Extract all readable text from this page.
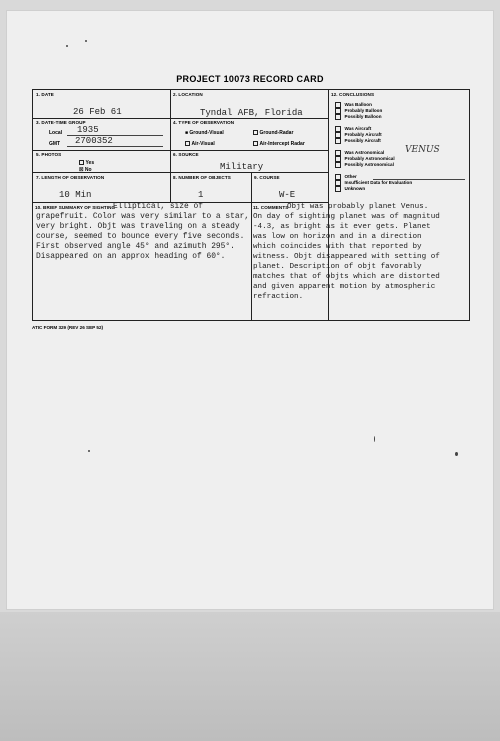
PROJECT 10073 RECORD CARD
1. DATE
26 Feb 61
2. LOCATION
Tyndal AFB, Florida
3. DATE-TIME GROUP
Local 1935
GMT 2700352
4. TYPE OF OBSERVATION
■ Ground-Visual	Ground-Radar
Air-Visual	Air-Intercept Radar
5. PHOTOS
Yes
☒ No
6. SOURCE
Military
7. LENGTH OF OBSERVATION
10 Min
8. NUMBER OF OBJECTS
1
9. COURSE
W-E
10. BRIEF SUMMARY OF SIGHTING
Elliptical, size of
grapefruit. Color was very similar to a star,
very bright. Objt was traveling on a steady
course, seemed to bounce every five seconds.
First observed angle 45° and azimuth 295°.
Disappeared on an approx heading of 60°.
11. COMMENTS
Objt was probably planet Venus.
On day of sighting planet was of magnitud
-4.3, as bright as it ever gets. Planet
was low on horizon and in a direction
which coincides with that reported by
witness. Objt disappeared with setting of
planet. Description of objt favorably
matches that of objts which are distorted
and given apparent motion by atmospheric
refraction.
12. CONCLUSIONS
Was Balloon
Probably Balloon
Possibly Balloon
Was Aircraft
Probably Aircraft
Possibly Aircraft
Was Astronomical VENUS
Probably Astronomical
Possibly Astronomical
Other
Insufficient Data for Evaluation
Unknown
ATIC FORM 329 (REV 26 SEP 52)
